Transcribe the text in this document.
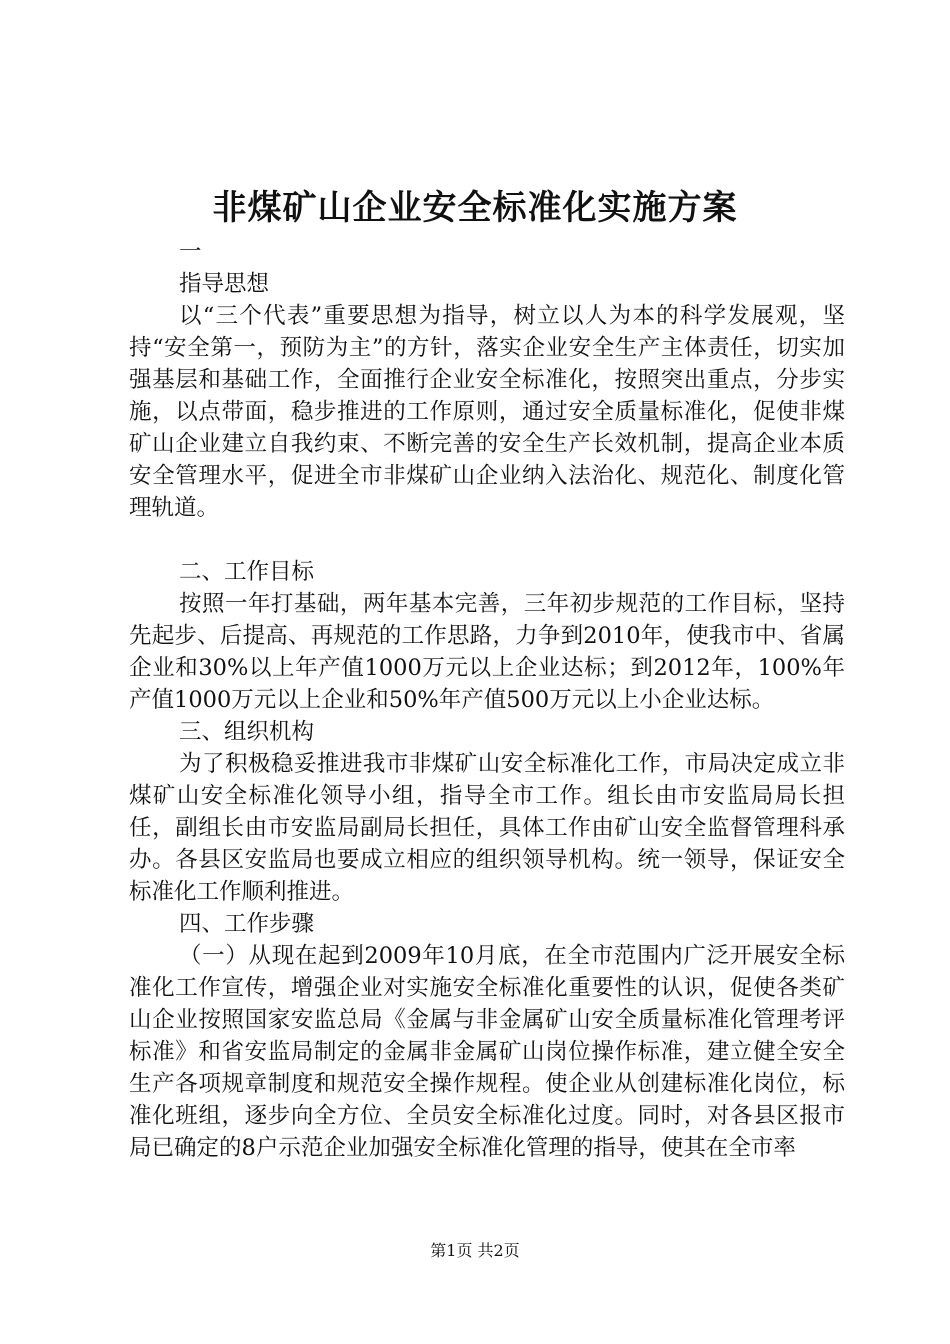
非煤矿山企业安全标准化实施方案

一

指导思想

以“三个代表”重要思想为指导，树立以人为本的科学发展观，坚持“安全第一，预防为主”的方针，落实企业安全生产主体责任，切实加强基层和基础工作，全面推行企业安全标准化，按照突出重点，分步实施，以点带面，稳步推进的工作原则，通过安全质量标准化，促使非煤矿山企业建立自我约束、不断完善的安全生产长效机制，提高企业本质安全管理水平，促进全市非煤矿山企业纳入法治化、规范化、制度化管理轨道。

二、工作目标

按照一年打基础，两年基本完善，三年初步规范的工作目标，坚持先起步、后提高、再规范的工作思路，力争到2010年，使我市中、省属企业和30%以上年产值1000万元以上企业达标；到2012年，100%年产值1000万元以上企业和50%年产值500万元以上小企业达标。

三、组织机构

为了积极稳妥推进我市非煤矿山安全标准化工作，市局决定成立非煤矿山安全标准化领导小组，指导全市工作。组长由市安监局局长担任，副组长由市安监局副局长担任，具体工作由矿山安全监督管理科承办。各县区安监局也要成立相应的组织领导机构。统一领导，保证安全标准化工作顺利推进。

四、工作步骤

（一）从现在起到2009年10月底，在全市范围内广泛开展安全标准化工作宣传，增强企业对实施安全标准化重要性的认识，促使各类矿山企业按照国家安监总局《金属与非金属矿山安全质量标准化管理考评标准》和省安监局制定的金属非金属矿山岗位操作标准，建立健全安全生产各项规章制度和规范安全操作规程。使企业从创建标准化岗位，标准化班组，逐步向全方位、全员安全标准化过度。同时，对各县区报市局已确定的8户示范企业加强安全标准化管理的指导，使其在全市率

第1页 共2页
